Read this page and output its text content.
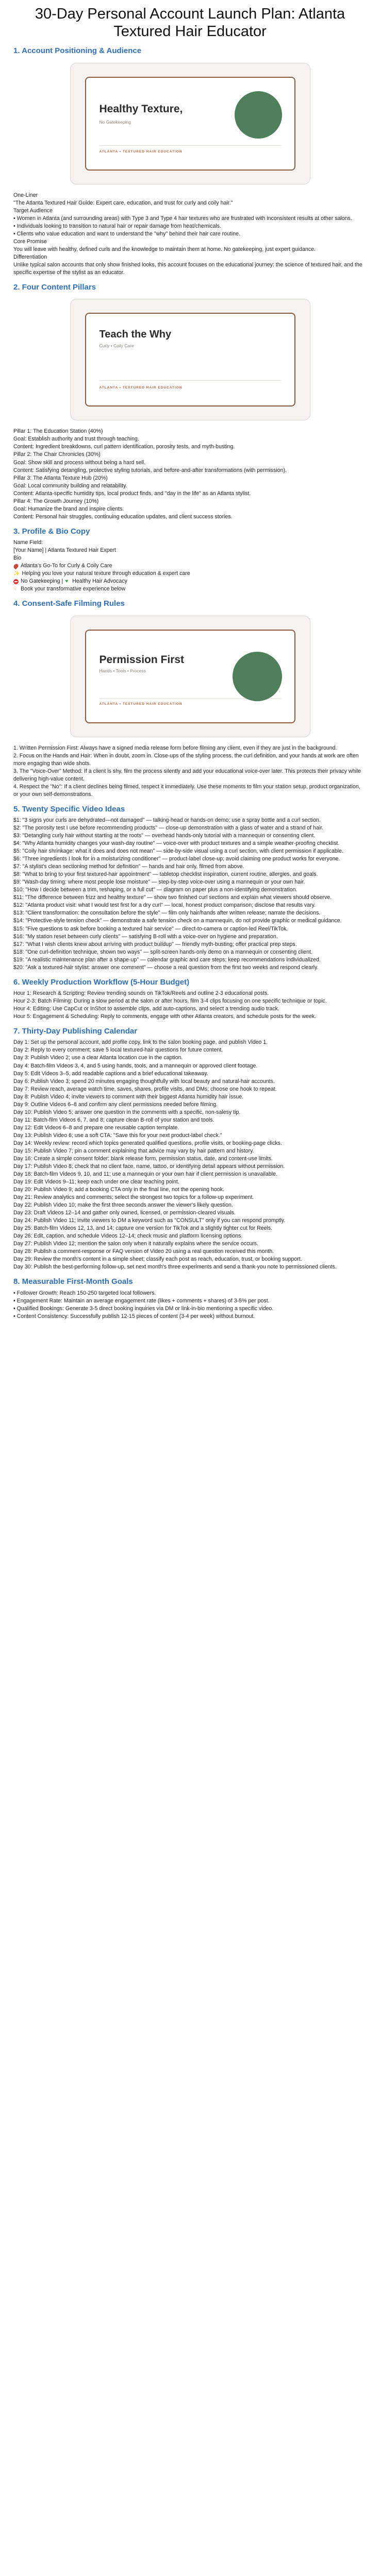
30-Day Personal Account Launch Plan: Atlanta Textured Hair Educator
1. Account Positioning & Audience
Healthy Texture,
No Gatekeeping
ATLANTA • TEXTURED HAIR EDUCATION

One-Liner

"The Atlanta Textured Hair Guide: Expert care, education, and trust for curly and coily hair."

Target Audience

• Women in Atlanta (and surrounding areas) with Type 3 and Type 4 hair textures who are frustrated with inconsistent results at other salons.

• Individuals looking to transition to natural hair or repair damage from heat/chemicals.

• Clients who value education and want to understand the "why" behind their hair care routine.

Core Promise

You will leave with healthy, defined curls and the knowledge to maintain them at home. No gatekeeping, just expert guidance.

Differentiation

Unlike typical salon accounts that only show finished looks, this account focuses on the educational journey: the science of textured hair, and the specific expertise of the stylist as an educator.

2. Four Content Pillars
Teach the Why
Curly • Coily Care
ATLANTA • TEXTURED HAIR EDUCATION

Pillar 1: The Education Station (40%)

Goal: Establish authority and trust through teaching.

Content: Ingredient breakdowns, curl pattern identification, porosity tests, and myth-busting.

Pillar 2: The Chair Chronicles (30%)

Goal: Show skill and process without being a hard sell.

Content: Satisfying detangling, protective styling tutorials, and before-and-after transformations (with permission).

Pillar 3: The Atlanta Texture Hub (20%)

Goal: Local community building and relatability.

Content: Atlanta-specific humidity tips, local product finds, and "day in the life" as an Atlanta stylist.

Pillar 4: The Growth Journey (10%)

Goal: Humanize the brand and inspire clients.

Content: Personal hair struggles, continuing education updates, and client success stories.

3. Profile & Bio Copy

Name Field:

[Your Name] | Atlanta Textured Hair Expert

Bio

Atlanta's Go-To for Curly & Coily Care
✨ Helping you love your natural texture through education & expert care
No Gatekeeping | ♥ Healthy Hair Advocacy
☟ Book your transformative experience below
4. Consent-Safe Filming Rules
Permission First
Hands • Tools • Process
ATLANTA • TEXTURED HAIR EDUCATION

1. Written Permission First: Always have a signed media release form before filming any client, even if they are just in the background.

2. Focus on the Hands and Hair: When in doubt, zoom in. Close-ups of the styling process, the curl definition, and your hands at work are often more engaging than wide shots.

3. The "Voice-Over" Method: If a client is shy, film the process silently and add your educational voice-over later. This protects their privacy while delivering high-value content.

4. Respect the "No": If a client declines being filmed, respect it immediately. Use these moments to film your station setup, product organization, or your own self-demonstrations.

5. Twenty Specific Video Ideas

$1: "3 signs your curls are dehydrated—not damaged" — talking-head or hands-on demo; use a spray bottle and a curl section.

$2: "The porosity test I use before recommending products" — close-up demonstration with a glass of water and a strand of hair.

$3: "Detangling curly hair without starting at the roots" — overhead hands-only tutorial with a mannequin or consenting client.

$4: "Why Atlanta humidity changes your wash-day routine" — voice-over with product textures and a simple weather-proofing checklist.

$5: "Coily hair shrinkage: what it does and does not mean" — side-by-side visual using a curl section, with client permission if applicable.

$6: "Three ingredients I look for in a moisturizing conditioner" — product-label close-up; avoid claiming one product works for everyone.

$7: "A stylist's clean sectioning method for definition" — hands and hair only, filmed from above.

$8: "What to bring to your first textured-hair appointment" — tabletop checklist inspiration, current routine, allergies, and goals.

$9: "Wash-day timing: where most people lose moisture" — step-by-step voice-over using a mannequin or your own hair.

$10: "How I decide between a trim, reshaping, or a full cut" — diagram on paper plus a non-identifying demonstration.

$11: "The difference between frizz and healthy texture" — show two finished curl sections and explain what viewers should observe.

$12: "Atlanta product visit: what I would test first for a dry curl" — local, honest product comparison; disclose that results vary.

$13: "Client transformation: the consultation before the style" — film only hair/hands after written release; narrate the decisions.

$14: "Protective-style tension check" — demonstrate a safe tension check on a mannequin, do not provide graphic or medical guidance.

$15: "Five questions to ask before booking a textured hair service" — direct-to-camera or caption-led Reel/TikTok.

$16: "My station reset between curly clients" — satisfying B-roll with a voice-over on hygiene and preparation.

$17: "What I wish clients knew about arriving with product buildup" — friendly myth-busting; offer practical prep steps.

$18: "One curl-definition technique, shown two ways" — split-screen hands-only demo on a mannequin or consenting client.

$19: "A realistic maintenance plan after a shape-up" — calendar graphic and care steps; keep recommendations individualized.

$20: "Ask a textured-hair stylist: answer one comment" — choose a real question from the first two weeks and respond clearly.

6. Weekly Production Workflow (5-Hour Budget)

Hour 1: Research & Scripting: Review trending sounds on TikTok/Reels and outline 2-3 educational posts.

Hour 2-3: Batch Filming: During a slow period at the salon or after hours, film 3-4 clips focusing on one specific technique or topic.

Hour 4: Editing: Use CapCut or InShot to assemble clips, add auto-captions, and select a trending audio track.

Hour 5: Engagement & Scheduling: Reply to comments, engage with other Atlanta creators, and schedule posts for the week.

7. Thirty-Day Publishing Calendar

Day 1: Set up the personal account, add profile copy, link to the salon booking page, and publish Video 1.

Day 2: Reply to every comment; save 5 local textured-hair questions for future content.

Day 3: Publish Video 2; use a clear Atlanta location cue in the caption.

Day 4: Batch-film Videos 3, 4, and 5 using hands, tools, and a mannequin or approved client footage.

Day 5: Edit Videos 3–5, add readable captions and a brief educational takeaway.

Day 6: Publish Video 3; spend 20 minutes engaging thoughtfully with local beauty and natural-hair accounts.

Day 7: Review reach, average watch time, saves, shares, profile visits, and DMs; choose one hook to repeat.

Day 8: Publish Video 4; invite viewers to comment with their biggest Atlanta humidity hair issue.

Day 9: Outline Videos 6–8 and confirm any client permissions needed before filming.

Day 10: Publish Video 5; answer one question in the comments with a specific, non-salesy tip.

Day 11: Batch-film Videos 6, 7, and 8; capture clean B-roll of your station and tools.

Day 12: Edit Videos 6–8 and prepare one reusable caption template.

Day 13: Publish Video 6; use a soft CTA: "Save this for your next product-label check."

Day 14: Weekly review: record which topics generated qualified questions, profile visits, or booking-page clicks.

Day 15: Publish Video 7; pin a comment explaining that advice may vary by hair pattern and history.

Day 16: Create a simple consent folder: blank release form, permission status, date, and content-use limits.

Day 17: Publish Video 8; check that no client face, name, tattoo, or identifying detail appears without permission.

Day 18: Batch-film Videos 9, 10, and 11; use a mannequin or your own hair if client permission is unavailable.

Day 19: Edit Videos 9–11; keep each under one clear teaching point.

Day 20: Publish Video 9; add a booking CTA only in the final line, not the opening hook.

Day 21: Review analytics and comments; select the strongest two topics for a follow-up experiment.

Day 22: Publish Video 10; make the first three seconds answer the viewer's likely question.

Day 23: Draft Videos 12–14 and gather only owned, licensed, or permission-cleared visuals.

Day 24: Publish Video 11; invite viewers to DM a keyword such as "CONSULT" only if you can respond promptly.

Day 25: Batch-film Videos 12, 13, and 14; capture one version for TikTok and a slightly tighter cut for Reels.

Day 26: Edit, caption, and schedule Videos 12–14; check music and platform licensing options.

Day 27: Publish Video 12; mention the salon only when it naturally explains where the service occurs.

Day 28: Publish a comment-response or FAQ version of Video 20 using a real question received this month.

Day 29: Review the month's content in a simple sheet; classify each post as reach, education, trust, or booking support.

Day 30: Publish the best-performing follow-up, set next month's three experiments and send a thank-you note to permissioned clients.

8. Measurable First-Month Goals

• Follower Growth: Reach 150-250 targeted local followers.

• Engagement Rate: Maintain an average engagement rate (likes + comments + shares) of 3-5% per post.

• Qualified Bookings: Generate 3-5 direct booking inquiries via DM or link-in-bio mentioning a specific video.

• Content Consistency: Successfully publish 12-15 pieces of content (3-4 per week) without burnout.
